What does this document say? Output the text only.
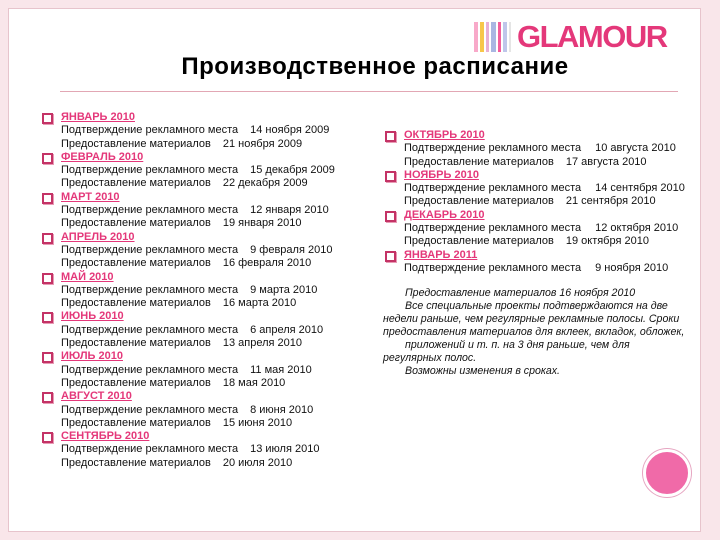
GLAMOUR
Производственное расписание
ЯНВАРЬ 2010
Подтверждение рекламного места 14 ноября 2009
Предоставление материалов 21 ноября 2009
ФЕВРАЛЬ 2010
Подтверждение рекламного места 15 декабря 2009
Предоставление материалов 22 декабря 2009
МАРТ 2010
Подтверждение рекламного места 12 января 2010
Предоставление материалов 19 января 2010
АПРЕЛЬ 2010
Подтверждение рекламного места 9 февраля 2010
Предоставление материалов 16 февраля 2010
МАЙ 2010
Подтверждение рекламного места 9 марта 2010
Предоставление материалов 16 марта 2010
ИЮНЬ 2010
Подтверждение рекламного места 6 апреля 2010
Предоставление материалов 13 апреля 2010
ИЮЛЬ 2010
Подтверждение рекламного места 11 мая 2010
Предоставление материалов 18 мая 2010
АВГУСТ 2010
Подтверждение рекламного места 8 июня 2010
Предоставление материалов 15 июня 2010
СЕНТЯБРЬ 2010
Подтверждение рекламного места 13 июля 2010
Предоставление материалов 20 июля 2010
ОКТЯБРЬ 2010
Подтверждение рекламного места 10 августа 2010
Предоставление материалов 17 августа 2010
НОЯБРЬ 2010
Подтверждение рекламного места 14 сентября 2010
Предоставление материалов 21 сентября 2010
ДЕКАБРЬ 2010
Подтверждение рекламного места 12 октября 2010
Предоставление материалов 19 октября 2010
ЯНВАРЬ 2011
Подтверждение рекламного места 9 ноября 2010
Предоставление материалов 16 ноября 2010
Все специальные проекты подтверждаются на две недели раньше, чем регулярные рекламные полосы. Сроки предоставления материалов для вклеек, вкладок, обложек,
приложений и т. п. на 3 дня раньше, чем для регулярных полос.
Возможны изменения в сроках.
